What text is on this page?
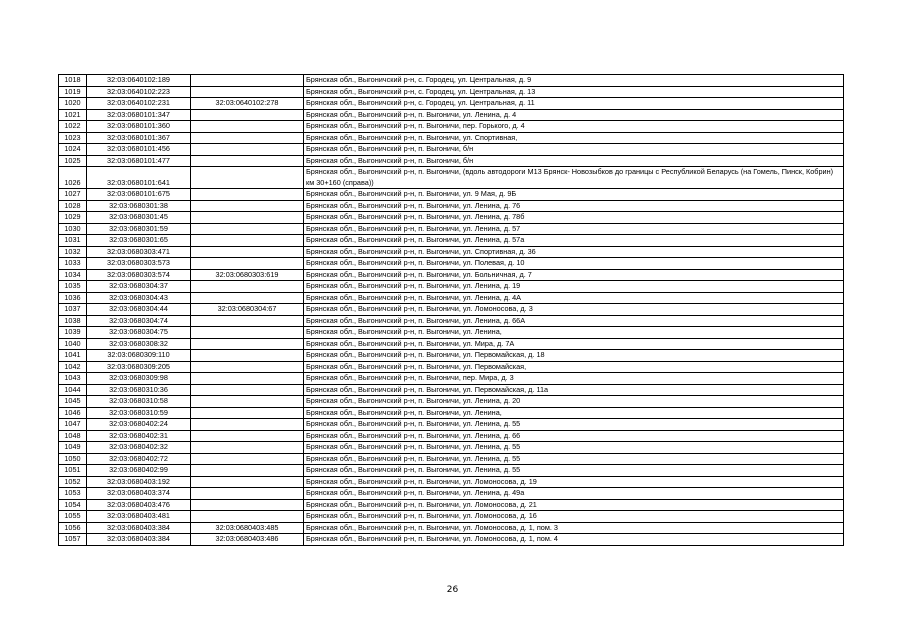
1018	32:03:0640102:189		Брянская обл., Выгоничский р-н, с. Городец, ул. Центральная, д. 9
1019	32:03:0640102:223		Брянская обл., Выгоничский р-н, с. Городец, ул. Центральная, д. 13
1020	32:03:0640102:231	32:03:0640102:278	Брянская обл., Выгоничский р-н, с. Городец, ул. Центральная, д. 11
1021	32:03:0680101:347		Брянская обл., Выгоничский р-н, п. Выгоничи, ул. Ленина, д. 4
1022	32:03:0680101:360		Брянская обл., Выгоничский р-н, п. Выгоничи, пер. Горького, д. 4
1023	32:03:0680101:367		Брянская обл., Выгоничский р-н, п. Выгоничи, ул. Спортивная,
1024	32:03:0680101:456		Брянская обл., Выгоничский р-н, п. Выгоничи, б/н
1025	32:03:0680101:477		Брянская обл., Выгоничский р-н, п. Выгоничи, б/н
1026	32:03:0680101:641		Брянская обл., Выгоничский р-н, п. Выгоничи, (вдоль автодороги М13 Брянск- Новозыбков до границы с Республикой Беларусь (на Гомель, Пинск, Кобрин) км 30+160 (справа))
1027	32:03:0680101:675		Брянская обл., Выгоничский р-н, п. Выгоничи, ул. 9 Мая, д. 9Б
1028	32:03:0680301:38		Брянская обл., Выгоничский р-н, п. Выгоничи, ул. Ленина, д. 76
1029	32:03:0680301:45		Брянская обл., Выгоничский р-н, п. Выгоничи, ул. Ленина, д. 78б
1030	32:03:0680301:59		Брянская обл., Выгоничский р-н, п. Выгоничи, ул. Ленина, д. 57
1031	32:03:0680301:65		Брянская обл., Выгоничский р-н, п. Выгоничи, ул. Ленина, д. 57а
1032	32:03:0680303:471		Брянская обл., Выгоничский р-н, п. Выгоничи, ул. Спортивная, д. 36
1033	32:03:0680303:573		Брянская обл., Выгоничский р-н, п. Выгоничи, ул. Полевая, д. 10
1034	32:03:0680303:574	32:03:0680303:619	Брянская обл., Выгоничский р-н, п. Выгоничи, ул. Больничная, д. 7
1035	32:03:0680304:37		Брянская обл., Выгоничский р-н, п. Выгоничи, ул. Ленина, д. 19
1036	32:03:0680304:43		Брянская обл., Выгоничский р-н, п. Выгоничи, ул. Ленина, д. 4А
1037	32:03:0680304:44	32:03:0680304:67	Брянская обл., Выгоничский р-н, п. Выгоничи, ул. Ломоносова, д. 3
1038	32:03:0680304:74		Брянская обл., Выгоничский р-н, п. Выгоничи, ул. Ленина, д. 66А
1039	32:03:0680304:75		Брянская обл., Выгоничский р-н, п. Выгоничи, ул. Ленина,
1040	32:03:0680308:32		Брянская обл., Выгоничский р-н, п. Выгоничи, ул. Мира, д. 7А
1041	32:03:0680309:110		Брянская обл., Выгоничский р-н, п. Выгоничи, ул. Первомайская, д. 18
1042	32:03:0680309:205		Брянская обл., Выгоничский р-н, п. Выгоничи, ул. Первомайская,
1043	32:03:0680309:98		Брянская обл., Выгоничский р-н, п. Выгоничи, пер. Мира, д. 3
1044	32:03:0680310:36		Брянская обл., Выгоничский р-н, п. Выгоничи, ул. Первомайская, д. 11а
1045	32:03:0680310:58		Брянская обл., Выгоничский р-н, п. Выгоничи, ул. Ленина, д. 20
1046	32:03:0680310:59		Брянская обл., Выгоничский р-н, п. Выгоничи, ул. Ленина,
1047	32:03:0680402:24		Брянская обл., Выгоничский р-н, п. Выгоничи, ул. Ленина, д. 55
1048	32:03:0680402:31		Брянская обл., Выгоничский р-н, п. Выгоничи, ул. Ленина, д. 66
1049	32:03:0680402:32		Брянская обл., Выгоничский р-н, п. Выгоничи, ул. Ленина, д. 55
1050	32:03:0680402:72		Брянская обл., Выгоничский р-н, п. Выгоничи, ул. Ленина, д. 55
1051	32:03:0680402:99		Брянская обл., Выгоничский р-н, п. Выгоничи, ул. Ленина, д. 55
1052	32:03:0680403:192		Брянская обл., Выгоничский р-н, п. Выгоничи, ул. Ломоносова, д. 19
1053	32:03:0680403:374		Брянская обл., Выгоничский р-н, п. Выгоничи, ул. Ленина, д. 49а
1054	32:03:0680403:476		Брянская обл., Выгоничский р-н, п. Выгоничи, ул. Ломоносова, д. 21
1055	32:03:0680403:481		Брянская обл., Выгоничский р-н, п. Выгоничи, ул. Ломоносова, д. 16
1056	32:03:0680403:384	32:03:0680403:485	Брянская обл., Выгоничский р-н, п. Выгоничи, ул. Ломоносова, д. 1, пом. 3
1057	32:03:0680403:384	32:03:0680403:486	Брянская обл., Выгоничский р-н, п. Выгоничи, ул. Ломоносова, д. 1, пом. 4
26
